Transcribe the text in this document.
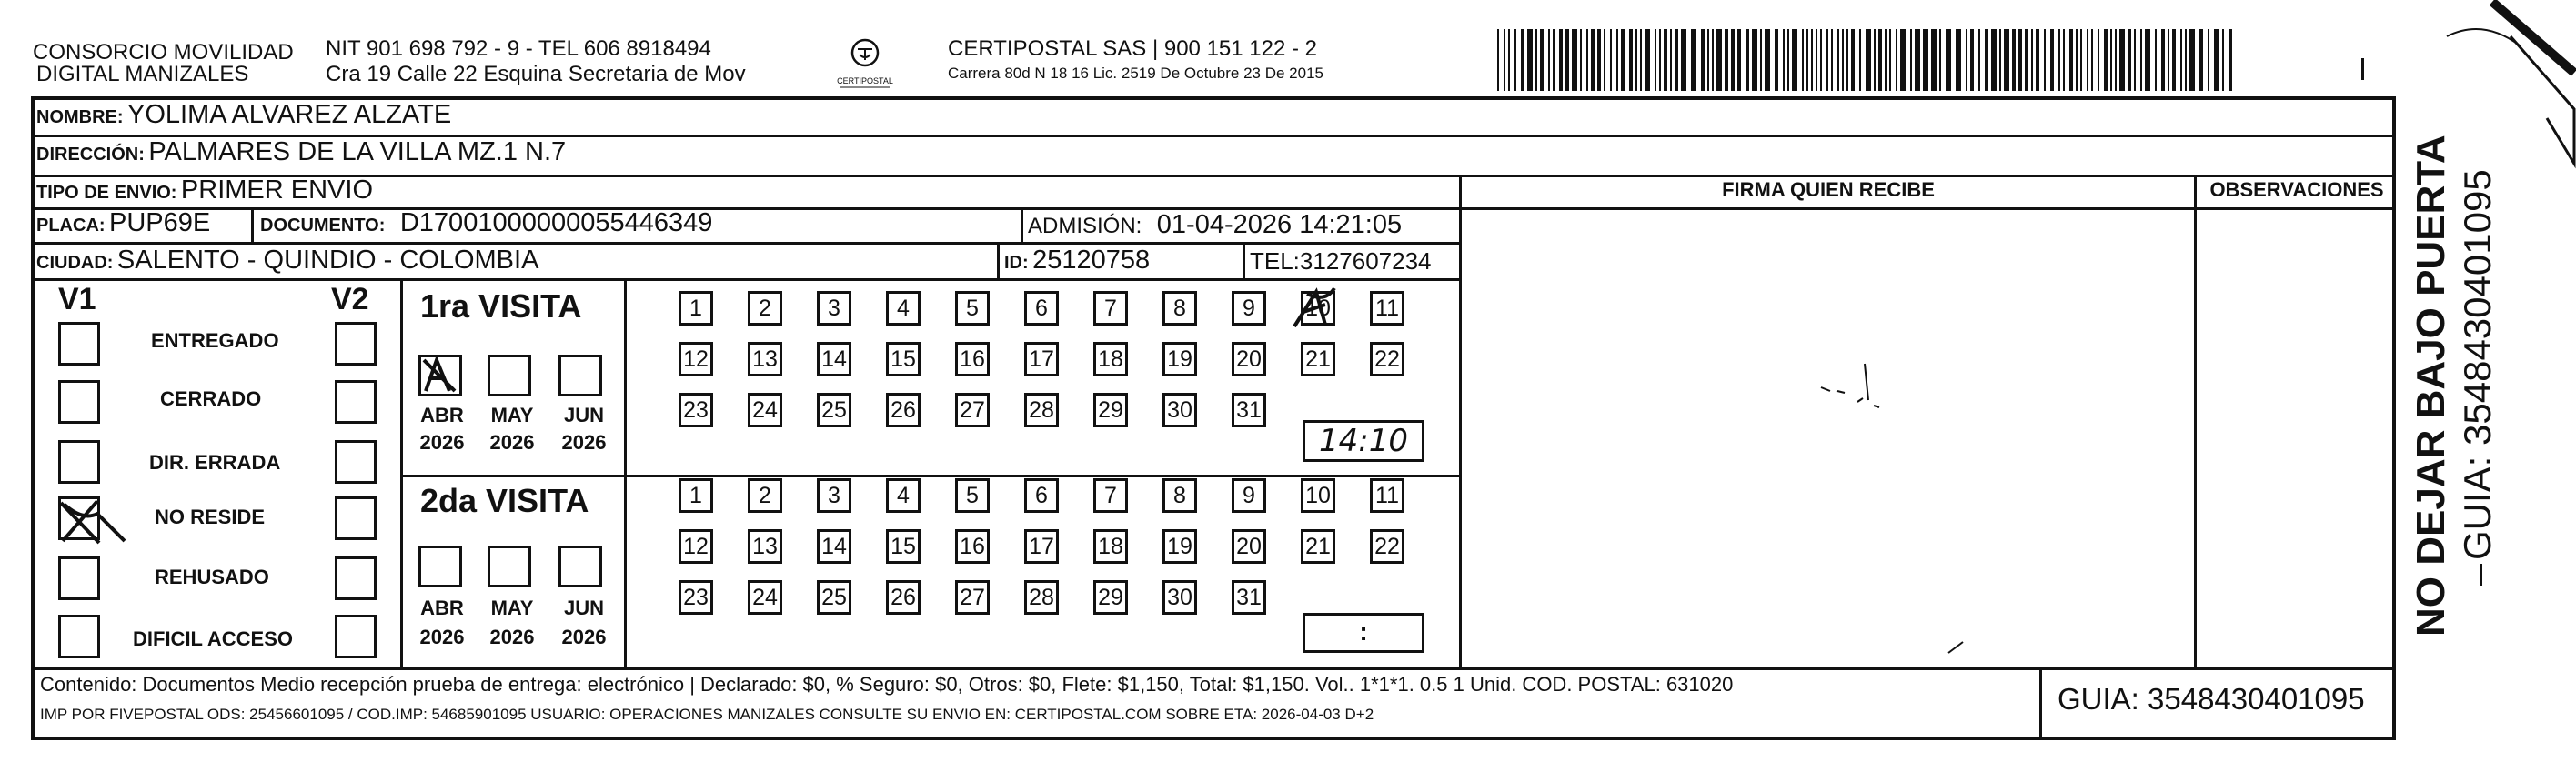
CONSORCIO MOVILIDAD
DIGITAL MANIZALES
NIT 901 698 792 - 9 - TEL 606 8918494
Cra 19 Calle 22 Esquina Secretaria de Mov	CERTIPOSTAL
CERTIPOSTAL SAS | 900 151 122 - 2
Carrera 80d N 18 16 Lic. 2519 De Octubre 23 De 2015
NOMBRE: YOLIMA ALVAREZ ALZATE
DIRECCIÓN: PALMARES DE LA VILLA MZ.1 N.7
TIPO DE ENVIO: PRIMER ENVIO
PLACA: PUP69E	DOCUMENTO: D17001000000055446349	ADMISIÓN: 01-04-2026 14:21:05
CIUDAD: SALENTO - QUINDIO - COLOMBIA	ID: 25120758	TEL:3127607234
FIRMA QUIEN RECIBE	OBSERVACIONES
V1	V2
ENTREGADO
CERRADO
DIR. ERRADA
NO RESIDE
REHUSADO
DIFICIL ACCESO
1ra VISITA
ABR MAY	JUN
2026 2026 2026
1	2	3	4	5	6	7	8	9	10 11
12 13 14 15 16 17 18 19 20 21 22
23 24 25 26 27 28 29 30 31
14:10
2da VISITA
ABR MAY	JUN
2026 2026 2026
1	2	3	4	5	6	7	8	9	10 11
12 13 14 15 16 17 18 19 20 21 22
23 24 25 26 27 28 29 30 31
:
Contenido: Documentos Medio recepción prueba de entrega: electrónico | Declarado: $0, % Seguro: $0, Otros: $0, Flete: $1,150, Total: $1,150. Vol.. 1*1*1. 0.5 1 Unid. COD. POSTAL: 631020
IMP POR FIVEPOSTAL ODS: 25456601095 / COD.IMP: 54685901095 USUARIO: OPERACIONES MANIZALES CONSULTE SU ENVIO EN: CERTIPOSTAL.COM SOBRE ETA: 2026-04-03 D+2	GUIA: 3548430401095
NO DEJAR BAJO PUERTA GUIA: 3548430401095
